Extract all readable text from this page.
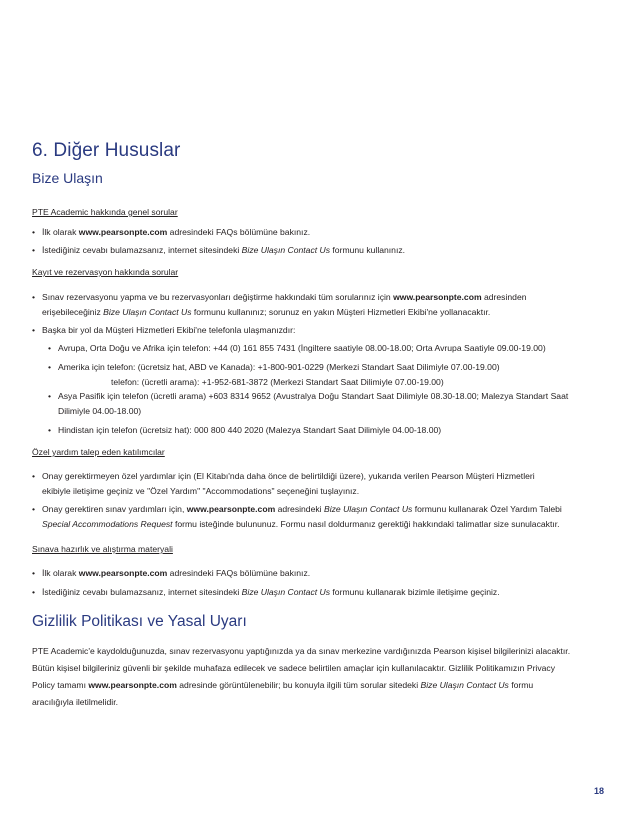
6. Diğer Hususlar
Bize Ulaşın
PTE Academic hakkında genel sorular
• İlk olarak www.pearsonpte.com adresindeki FAQs bölümüne bakınız.
• İstediğiniz cevabı bulamazsanız, internet sitesindeki Bize Ulaşın Contact Us formunu kullanınız.
Kayıt ve rezervasyon hakkında sorular
• Sınav rezervasyonu yapma ve bu rezervasyonları değiştirme hakkındaki tüm sorularınız için www.pearsonpte.com adresinden
erişebileceğiniz Bize Ulaşın Contact Us formunu kullanınız; sorunuz en yakın Müşteri Hizmetleri Ekibi'ne yollanacaktır.
• Başka bir yol da Müşteri Hizmetleri Ekibi'ne telefonla ulaşmanızdır:
• Avrupa, Orta Doğu ve Afrika için telefon: +44 (0) 161 855 7431 (İngiltere saatiyle 08.00-18.00; Orta Avrupa Saatiyle 09.00-19.00)
• Amerika için telefon: (ücretsiz hat, ABD ve Kanada): +1-800-901-0229 (Merkezi Standart Saat Dilimiyle 07.00-19.00)
telefon: (ücretli arama): +1-952-681-3872 (Merkezi Standart Saat Dilimiyle 07.00-19.00)
• Asya Pasifik için telefon (ücretli arama) +603 8314 9652 (Avustralya Doğu Standart Saat Dilimiyle 08.30-18.00; Malezya Standart Saat
Dilimiyle 04.00-18.00)
• Hindistan için telefon (ücretsiz hat): 000 800 440 2020 (Malezya Standart Saat Dilimiyle 04.00-18.00)
Özel yardım talep eden katılımcılar
• Onay gerektirmeyen özel yardımlar için (El Kitabı'nda daha önce de belirtildiği üzere), yukarıda verilen Pearson Müşteri Hizmetleri
ekibiyle iletişime geçiniz ve "Özel Yardım" "Accommodations" seçeneğini tuşlayınız.
• Onay gerektiren sınav yardımları için, www.pearsonpte.com adresindeki Bize Ulaşın Contact Us formunu kullanarak Özel Yardım Talebi
Special Accommodations Request formu isteğinde bulununuz. Formu nasıl doldurmanız gerektiği hakkındaki talimatlar size sunulacaktır.
Sınava hazırlık ve alıştırma materyali
• İlk olarak www.pearsonpte.com adresindeki FAQs bölümüne bakınız.
• İstediğiniz cevabı bulamazsanız, internet sitesindeki Bize Ulaşın Contact Us formunu kullanarak bizimle iletişime geçiniz.
Gizlilik Politikası ve Yasal Uyarı
PTE Academic'e kaydolduğunuzda, sınav rezervasyonu yaptığınızda ya da sınav merkezine vardığınızda Pearson kişisel bilgilerinizi alacaktır.
Bütün kişisel bilgileriniz güvenli bir şekilde muhafaza edilecek ve sadece belirtilen amaçlar için kullanılacaktır. Gizlilik Politikamızın Privacy
Policy tamamı www.pearsonpte.com adresinde görüntülenebilir; bu konuyla ilgili tüm sorular sitedeki Bize Ulaşın Contact Us formu
aracılığıyla iletilmelidir.
18
